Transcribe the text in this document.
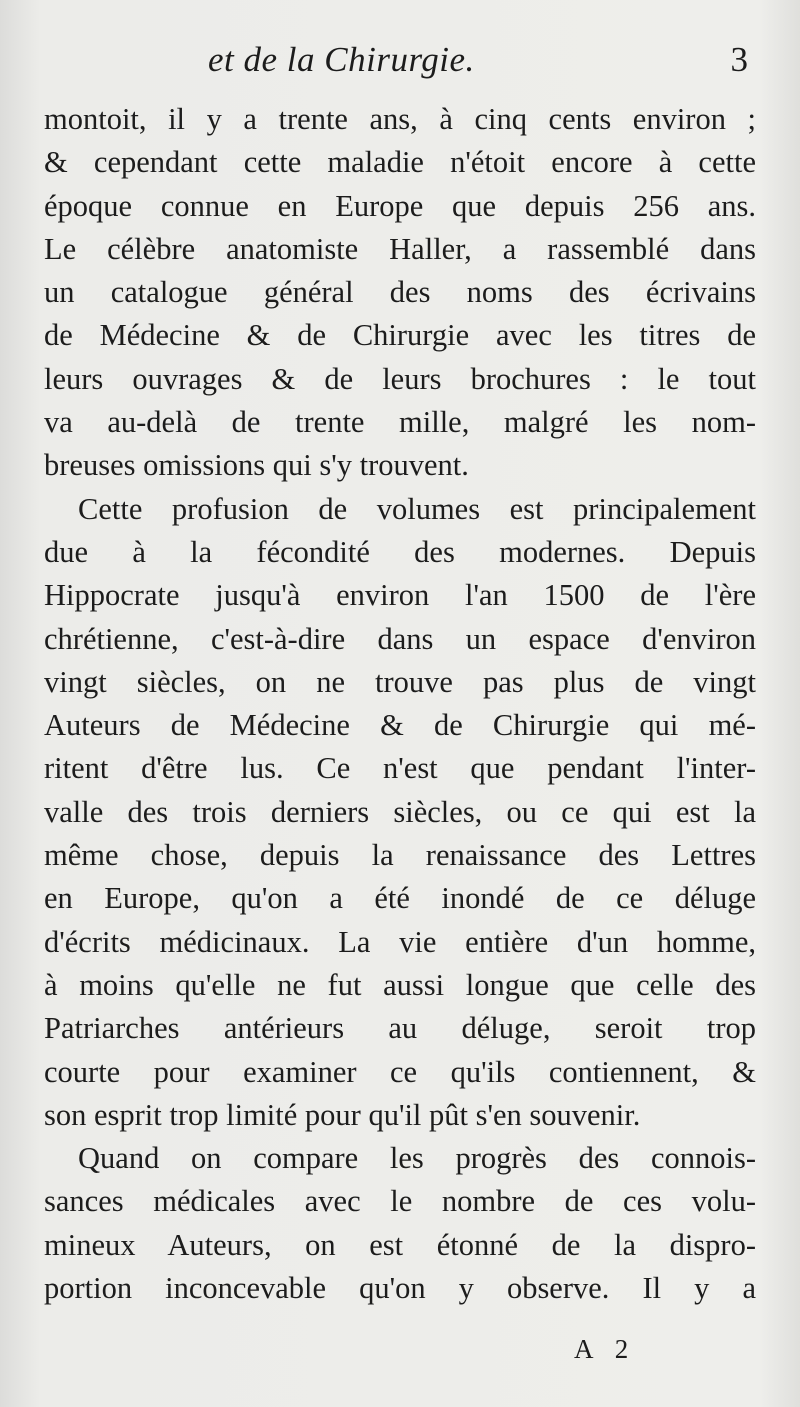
et de la Chirurgie.	3
montoit, il y a trente ans, à cinq cents environ ;
& cependant cette maladie n'étoit encore à cette
époque connue en Europe que depuis 256 ans.
Le célèbre anatomiste Haller, a rassemblé dans
un catalogue général des noms des écrivains
de Médecine & de Chirurgie avec les titres de
leurs ouvrages & de leurs brochures : le tout
va au-delà de trente mille, malgré les nom-
breuses omissions qui s'y trouvent.
Cette profusion de volumes est principalement
due à la fécondité des modernes. Depuis
Hippocrate jusqu'à environ l'an 1500 de l'ère
chrétienne, c'est-à-dire dans un espace d'environ
vingt siècles, on ne trouve pas plus de vingt
Auteurs de Médecine & de Chirurgie qui mé-
ritent d'être lus. Ce n'est que pendant l'inter-
valle des trois derniers siècles, ou ce qui est la
même chose, depuis la renaissance des Lettres
en Europe, qu'on a été inondé de ce déluge
d'écrits médicinaux. La vie entière d'un homme,
à moins qu'elle ne fut aussi longue que celle des
Patriarches antérieurs au déluge, seroit trop
courte pour examiner ce qu'ils contiennent, &
son esprit trop limité pour qu'il pût s'en souvenir.
Quand on compare les progrès des connois-
sances médicales avec le nombre de ces volu-
mineux Auteurs, on est étonné de la dispro-
portion inconcevable qu'on y observe. Il y a
A 2
